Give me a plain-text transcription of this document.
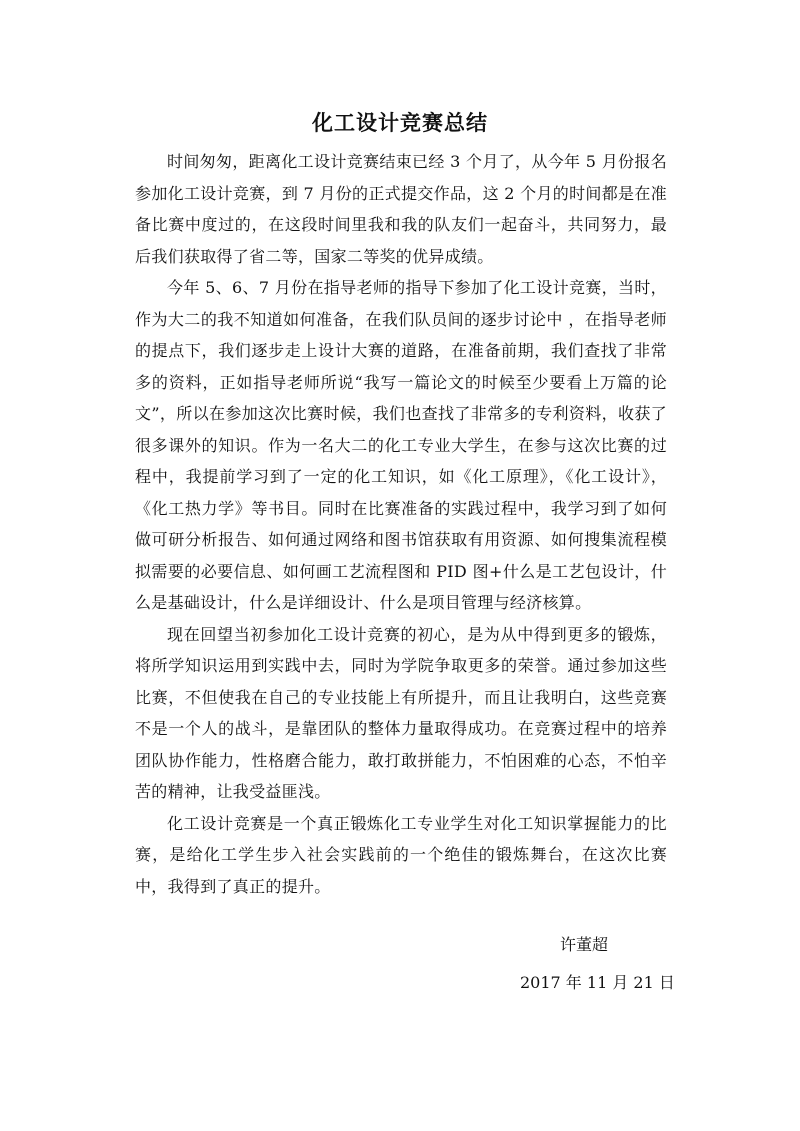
化工设计竞赛总结

时间匆匆，距离化工设计竞赛结束已经 3 个月了，从今年 5 月份报名参加化工设计竞赛，到 7 月份的正式提交作品，这 2 个月的时间都是在准备比赛中度过的，在这段时间里我和我的队友们一起奋斗，共同努力，最后我们获取得了省二等，国家二等奖的优异成绩。

今年 5、6、7 月份在指导老师的指导下参加了化工设计竞赛，当时，作为大二的我不知道如何准备，在我们队员间的逐步讨论中 ，在指导老师的提点下，我们逐步走上设计大赛的道路，在准备前期，我们查找了非常多的资料，正如指导老师所说“我写一篇论文的时候至少要看上万篇的论文”，所以在参加这次比赛时候，我们也查找了非常多的专利资料，收获了很多课外的知识。作为一名大二的化工专业大学生，在参与这次比赛的过程中，我提前学习到了一定的化工知识，如《化工原理》，《化工设计》，《化工热力学》等书目。同时在比赛准备的实践过程中，我学习到了如何做可研分析报告、如何通过网络和图书馆获取有用资源、如何搜集流程模拟需要的必要信息、如何画工艺流程图和 PID 图+什么是工艺包设计，什么是基础设计，什么是详细设计、什么是项目管理与经济核算。

现在回望当初参加化工设计竞赛的初心，是为从中得到更多的锻炼，将所学知识运用到实践中去，同时为学院争取更多的荣誉。通过参加这些比赛，不但使我在自己的专业技能上有所提升，而且让我明白，这些竞赛不是一个人的战斗，是靠团队的整体力量取得成功。在竞赛过程中的培养团队协作能力，性格磨合能力，敢打敢拼能力，不怕困难的心态，不怕辛苦的精神，让我受益匪浅。

化工设计竞赛是一个真正锻炼化工专业学生对化工知识掌握能力的比赛，是给化工学生步入社会实践前的一个绝佳的锻炼舞台，在这次比赛中，我得到了真正的提升。

许董超
2017 年 11 月 21 日
